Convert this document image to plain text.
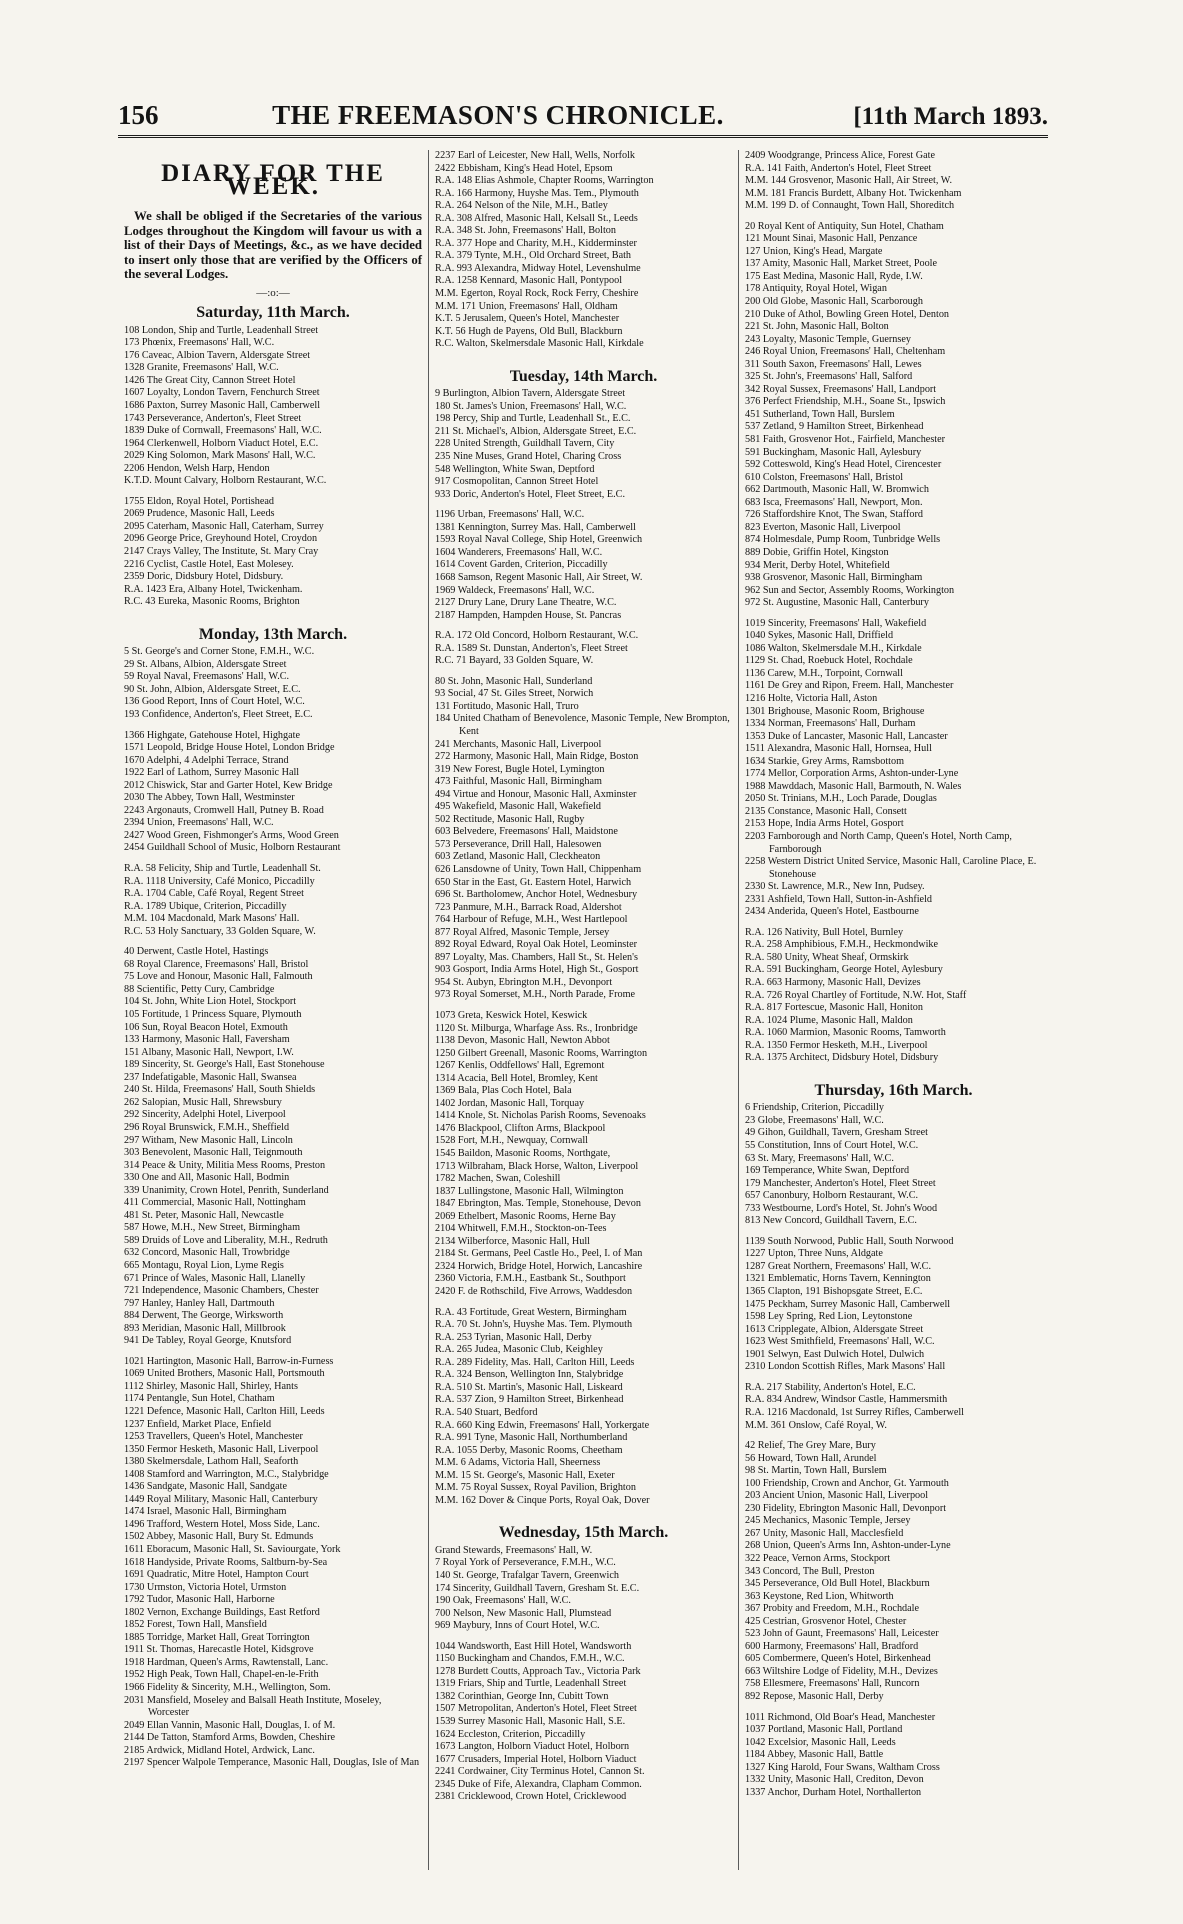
156	THE FREEMASON'S CHRONICLE.	[11th March 1893.
DIARY FOR THE WEEK.
We shall be obliged if the Secretaries of the various Lodges throughout the Kingdom will favour us with a list of their Days of Meetings, &c., as we have decided to insert only those that are verified by the Officers of the several Lodges.
—:o:—
Saturday, 11th March.
108 London, Ship and Turtle, Leadenhall Street
173 Phœnix, Freemasons' Hall, W.C.
176 Caveac, Albion Tavern, Aldersgate Street
1328 Granite, Freemasons' Hall, W.C.
1426 The Great City, Cannon Street Hotel
1607 Loyalty, London Tavern, Fenchurch Street
1686 Paxton, Surrey Masonic Hall, Camberwell
1743 Perseverance, Anderton's, Fleet Street
1839 Duke of Cornwall, Freemasons' Hall, W.C.
1964 Clerkenwell, Holborn Viaduct Hotel, E.C.
2029 King Solomon, Mark Masons' Hall, W.C.
2206 Hendon, Welsh Harp, Hendon
K.T.D. Mount Calvary, Holborn Restaurant, W.C.
1755 Eldon, Royal Hotel, Portishead
2069 Prudence, Masonic Hall, Leeds
2095 Caterham, Masonic Hall, Caterham, Surrey
2096 George Price, Greyhound Hotel, Croydon
2147 Crays Valley, The Institute, St. Mary Cray
2216 Cyclist, Castle Hotel, East Molesey.
2359 Doric, Didsbury Hotel, Didsbury.
R.A. 1423 Era, Albany Hotel, Twickenham.
R.C. 43 Eureka, Masonic Rooms, Brighton
Monday, 13th March.
5 St. George's and Corner Stone, F.M.H., W.C.
29 St. Albans, Albion, Aldersgate Street
59 Royal Naval, Freemasons' Hall, W.C.
90 St. John, Albion, Aldersgate Street, E.C.
136 Good Report, Inns of Court Hotel, W.C.
193 Confidence, Anderton's, Fleet Street, E.C.
1366 Highgate, Gatehouse Hotel, Highgate
1571 Leopold, Bridge House Hotel, London Bridge
1670 Adelphi, 4 Adelphi Terrace, Strand
1922 Earl of Lathom, Surrey Masonic Hall
2012 Chiswick, Star and Garter Hotel, Kew Bridge
2030 The Abbey, Town Hall, Westminster
2243 Argonauts, Cromwell Hall, Putney B. Road
2394 Union, Freemasons' Hall, W.C.
2427 Wood Green, Fishmonger's Arms, Wood Green
2454 Guildhall School of Music, Holborn Restaurant
R.A. 58 Felicity, Ship and Turtle, Leadenhall St.
R.A. 1118 University, Café Monico, Piccadilly
R.A. 1704 Cable, Café Royal, Regent Street
R.A. 1789 Ubique, Criterion, Piccadilly
M.M. 104 Macdonald, Mark Masons' Hall.
R.C. 53 Holy Sanctuary, 33 Golden Square, W.
40 Derwent, Castle Hotel, Hastings
68 Royal Clarence, Freemasons' Hall, Bristol
75 Love and Honour, Masonic Hall, Falmouth
88 Scientific, Petty Cury, Cambridge
104 St. John, White Lion Hotel, Stockport
105 Fortitude, 1 Princess Square, Plymouth
106 Sun, Royal Beacon Hotel, Exmouth
133 Harmony, Masonic Hall, Faversham
151 Albany, Masonic Hall, Newport, I.W.
189 Sincerity, St. George's Hall, East Stonehouse
237 Indefatigable, Masonic Hall, Swansea
240 St. Hilda, Freemasons' Hall, South Shields
262 Salopian, Music Hall, Shrewsbury
292 Sincerity, Adelphi Hotel, Liverpool
296 Royal Brunswick, F.M.H., Sheffield
297 Witham, New Masonic Hall, Lincoln
303 Benevolent, Masonic Hall, Teignmouth
314 Peace & Unity, Militia Mess Rooms, Preston
330 One and All, Masonic Hall, Bodmin
339 Unanimity, Crown Hotel, Penrith, Sunderland
411 Commercial, Masonic Hall, Nottingham
481 St. Peter, Masonic Hall, Newcastle
587 Howe, M.H., New Street, Birmingham
589 Druids of Love and Liberality, M.H., Redruth
632 Concord, Masonic Hall, Trowbridge
665 Montagu, Royal Lion, Lyme Regis
671 Prince of Wales, Masonic Hall, Llanelly
721 Independence, Masonic Chambers, Chester
797 Hanley, Hanley Hall, Dartmouth
884 Derwent, The George, Wirksworth
893 Meridian, Masonic Hall, Millbrook
941 De Tabley, Royal George, Knutsford
1021 Hartington, Masonic Hall, Barrow-in-Furness
1069 United Brothers, Masonic Hall, Portsmouth
1112 Shirley, Masonic Hall, Shirley, Hants
1174 Pentangle, Sun Hotel, Chatham
1221 Defence, Masonic Hall, Carlton Hill, Leeds
1237 Enfield, Market Place, Enfield
1253 Travellers, Queen's Hotel, Manchester
1350 Fermor Hesketh, Masonic Hall, Liverpool
1380 Skelmersdale, Lathom Hall, Seaforth
1408 Stamford and Warrington, M.C., Stalybridge
1436 Sandgate, Masonic Hall, Sandgate
1449 Royal Military, Masonic Hall, Canterbury
1474 Israel, Masonic Hall, Birmingham
1496 Trafford, Western Hotel, Moss Side, Lanc.
1502 Abbey, Masonic Hall, Bury St. Edmunds
1611 Eboracum, Masonic Hall, St. Saviourgate, York
1618 Handyside, Private Rooms, Saltburn-by-Sea
1691 Quadratic, Mitre Hotel, Hampton Court
1730 Urmston, Victoria Hotel, Urmston
1792 Tudor, Masonic Hall, Harborne
1802 Vernon, Exchange Buildings, East Retford
1852 Forest, Town Hall, Mansfield
1885 Torridge, Market Hall, Great Torrington
1911 St. Thomas, Harecastle Hotel, Kidsgrove
1918 Hardman, Queen's Arms, Rawtenstall, Lanc.
1952 High Peak, Town Hall, Chapel-en-le-Frith
1966 Fidelity & Sincerity, M.H., Wellington, Som.
2031 Mansfield, Moseley and Balsall Heath Institute, Moseley, Worcester
2049 Ellan Vannin, Masonic Hall, Douglas, I. of M.
2144 De Tatton, Stamford Arms, Bowden, Cheshire
2185 Ardwick, Midland Hotel, Ardwick, Lanc.
2197 Spencer Walpole Temperance, Masonic Hall, Douglas, Isle of Man
2237 Earl of Leicester, New Hall, Wells, Norfolk
2422 Ebbisham, King's Head Hotel, Epsom
R.A. 148 Elias Ashmole, Chapter Rooms, Warrington
R.A. 166 Harmony, Huyshe Mas. Tem., Plymouth
R.A. 264 Nelson of the Nile, M.H., Batley
R.A. 308 Alfred, Masonic Hall, Kelsall St., Leeds
R.A. 348 St. John, Freemasons' Hall, Bolton
R.A. 377 Hope and Charity, M.H., Kidderminster
R.A. 379 Tynte, M.H., Old Orchard Street, Bath
R.A. 993 Alexandra, Midway Hotel, Levenshulme
R.A. 1258 Kennard, Masonic Hall, Pontypool
M.M. Egerton, Royal Rock, Rock Ferry, Cheshire
M.M. 171 Union, Freemasons' Hall, Oldham
K.T. 5 Jerusalem, Queen's Hotel, Manchester
K.T. 56 Hugh de Payens, Old Bull, Blackburn
R.C. Walton, Skelmersdale Masonic Hall, Kirkdale
Tuesday, 14th March.
9 Burlington, Albion Tavern, Aldersgate Street
180 St. James's Union, Freemasons' Hall, W.C.
198 Percy, Ship and Turtle, Leadenhall St., E.C.
211 St. Michael's, Albion, Aldersgate Street, E.C.
228 United Strength, Guildhall Tavern, City
235 Nine Muses, Grand Hotel, Charing Cross
548 Wellington, White Swan, Deptford
917 Cosmopolitan, Cannon Street Hotel
933 Doric, Anderton's Hotel, Fleet Street, E.C.
1196 Urban, Freemasons' Hall, W.C.
1381 Kennington, Surrey Mas. Hall, Camberwell
1593 Royal Naval College, Ship Hotel, Greenwich
1604 Wanderers, Freemasons' Hall, W.C.
1614 Covent Garden, Criterion, Piccadilly
1668 Samson, Regent Masonic Hall, Air Street, W.
1969 Waldeck, Freemasons' Hall, W.C.
2127 Drury Lane, Drury Lane Theatre, W.C.
2187 Hampden, Hampden House, St. Pancras
R.A. 172 Old Concord, Holborn Restaurant, W.C.
R.A. 1589 St. Dunstan, Anderton's, Fleet Street
R.C. 71 Bayard, 33 Golden Square, W.
80 St. John, Masonic Hall, Sunderland
93 Social, 47 St. Giles Street, Norwich
131 Fortitudo, Masonic Hall, Truro
184 United Chatham of Benevolence, Masonic Temple, New Brompton, Kent
241 Merchants, Masonic Hall, Liverpool
272 Harmony, Masonic Hall, Main Ridge, Boston
319 New Forest, Bugle Hotel, Lymington
473 Faithful, Masonic Hall, Birmingham
494 Virtue and Honour, Masonic Hall, Axminster
495 Wakefield, Masonic Hall, Wakefield
502 Rectitude, Masonic Hall, Rugby
603 Belvedere, Freemasons' Hall, Maidstone
573 Perseverance, Drill Hall, Halesowen
603 Zetland, Masonic Hall, Cleckheaton
626 Lansdowne of Unity, Town Hall, Chippenham
650 Star in the East, Gt. Eastern Hotel, Harwich
696 St. Bartholomew, Anchor Hotel, Wednesbury
723 Panmure, M.H., Barrack Road, Aldershot
764 Harbour of Refuge, M.H., West Hartlepool
877 Royal Alfred, Masonic Temple, Jersey
892 Royal Edward, Royal Oak Hotel, Leominster
897 Loyalty, Mas. Chambers, Hall St., St. Helen's
903 Gosport, India Arms Hotel, High St., Gosport
954 St. Aubyn, Ebrington M.H., Devonport
973 Royal Somerset, M.H., North Parade, Frome
1073 Greta, Keswick Hotel, Keswick
1120 St. Milburga, Wharfage Ass. Rs., Ironbridge
1138 Devon, Masonic Hall, Newton Abbot
1250 Gilbert Greenall, Masonic Rooms, Warrington
1267 Kenlis, Oddfellows' Hall, Egremont
1314 Acacia, Bell Hotel, Bromley, Kent
1369 Bala, Plas Coch Hotel, Bala
1402 Jordan, Masonic Hall, Torquay
1414 Knole, St. Nicholas Parish Rooms, Sevenoaks
1476 Blackpool, Clifton Arms, Blackpool
1528 Fort, M.H., Newquay, Cornwall
1545 Baildon, Masonic Rooms, Northgate,
1713 Wilbraham, Black Horse, Walton, Liverpool
1782 Machen, Swan, Coleshill
1837 Lullingstone, Masonic Hall, Wilmington
1847 Ebrington, Mas. Temple, Stonehouse, Devon
2069 Ethelbert, Masonic Rooms, Herne Bay
2104 Whitwell, F.M.H., Stockton-on-Tees
2134 Wilberforce, Masonic Hall, Hull
2184 St. Germans, Peel Castle Ho., Peel, I. of Man
2324 Horwich, Bridge Hotel, Horwich, Lancashire
2360 Victoria, F.M.H., Eastbank St., Southport
2420 F. de Rothschild, Five Arrows, Waddesdon
R.A. 43 Fortitude, Great Western, Birmingham
R.A. 70 St. John's, Huyshe Mas. Tem. Plymouth
R.A. 253 Tyrian, Masonic Hall, Derby
R.A. 265 Judea, Masonic Club, Keighley
R.A. 289 Fidelity, Mas. Hall, Carlton Hill, Leeds
R.A. 324 Benson, Wellington Inn, Stalybridge
R.A. 510 St. Martin's, Masonic Hall, Liskeard
R.A. 537 Zion, 9 Hamilton Street, Birkenhead
R.A. 540 Stuart, Bedford
R.A. 660 King Edwin, Freemasons' Hall, Yorkergate
R.A. 991 Tyne, Masonic Hall, Northumberland
R.A. 1055 Derby, Masonic Rooms, Cheetham
M.M. 6 Adams, Victoria Hall, Sheerness
M.M. 15 St. George's, Masonic Hall, Exeter
M.M. 75 Royal Sussex, Royal Pavilion, Brighton
M.M. 162 Dover & Cinque Ports, Royal Oak, Dover
Wednesday, 15th March.
Grand Stewards, Freemasons' Hall, W.
7 Royal York of Perseverance, F.M.H., W.C.
140 St. George, Trafalgar Tavern, Greenwich
174 Sincerity, Guildhall Tavern, Gresham St. E.C.
190 Oak, Freemasons' Hall, W.C.
700 Nelson, New Masonic Hall, Plumstead
969 Maybury, Inns of Court Hotel, W.C.
1044 Wandsworth, East Hill Hotel, Wandsworth
1150 Buckingham and Chandos, F.M.H., W.C.
1278 Burdett Coutts, Approach Tav., Victoria Park
1319 Friars, Ship and Turtle, Leadenhall Street
1382 Corinthian, George Inn, Cubitt Town
1507 Metropolitan, Anderton's Hotel, Fleet Street
1539 Surrey Masonic Hall, Masonic Hall, S.E.
1624 Eccleston, Criterion, Piccadilly
1673 Langton, Holborn Viaduct Hotel, Holborn
1677 Crusaders, Imperial Hotel, Holborn Viaduct
2241 Cordwainer, City Terminus Hotel, Cannon St.
2345 Duke of Fife, Alexandra, Clapham Common.
2381 Cricklewood, Crown Hotel, Cricklewood
2409 Woodgrange, Princess Alice, Forest Gate
R.A. 141 Faith, Anderton's Hotel, Fleet Street
M.M. 144 Grosvenor, Masonic Hall, Air Street, W.
M.M. 181 Francis Burdett, Albany Hot. Twickenham
M.M. 199 D. of Connaught, Town Hall, Shoreditch
20 Royal Kent of Antiquity, Sun Hotel, Chatham
121 Mount Sinai, Masonic Hall, Penzance
127 Union, King's Head, Margate
137 Amity, Masonic Hall, Market Street, Poole
175 East Medina, Masonic Hall, Ryde, I.W.
178 Antiquity, Royal Hotel, Wigan
200 Old Globe, Masonic Hall, Scarborough
210 Duke of Athol, Bowling Green Hotel, Denton
221 St. John, Masonic Hall, Bolton
243 Loyalty, Masonic Temple, Guernsey
246 Royal Union, Freemasons' Hall, Cheltenham
311 South Saxon, Freemasons' Hall, Lewes
325 St. John's, Freemasons' Hall, Salford
342 Royal Sussex, Freemasons' Hall, Landport
376 Perfect Friendship, M.H., Soane St., Ipswich
451 Sutherland, Town Hall, Burslem
537 Zetland, 9 Hamilton Street, Birkenhead
581 Faith, Grosvenor Hot., Fairfield, Manchester
591 Buckingham, Masonic Hall, Aylesbury
592 Cotteswold, King's Head Hotel, Cirencester
610 Colston, Freemasons' Hall, Bristol
662 Dartmouth, Masonic Hall, W. Bromwich
683 Isca, Freemasons' Hall, Newport, Mon.
726 Staffordshire Knot, The Swan, Stafford
823 Everton, Masonic Hall, Liverpool
874 Holmesdale, Pump Room, Tunbridge Wells
889 Dobie, Griffin Hotel, Kingston
934 Merit, Derby Hotel, Whitefield
938 Grosvenor, Masonic Hall, Birmingham
962 Sun and Sector, Assembly Rooms, Workington
972 St. Augustine, Masonic Hall, Canterbury
1019 Sincerity, Freemasons' Hall, Wakefield
1040 Sykes, Masonic Hall, Driffield
1086 Walton, Skelmersdale M.H., Kirkdale
1129 St. Chad, Roebuck Hotel, Rochdale
1136 Carew, M.H., Torpoint, Cornwall
1161 De Grey and Ripon, Freem. Hall, Manchester
1216 Holte, Victoria Hall, Aston
1301 Brighouse, Masonic Room, Brighouse
1334 Norman, Freemasons' Hall, Durham
1353 Duke of Lancaster, Masonic Hall, Lancaster
1511 Alexandra, Masonic Hall, Hornsea, Hull
1634 Starkie, Grey Arms, Ramsbottom
1774 Mellor, Corporation Arms, Ashton-under-Lyne
1988 Mawddach, Masonic Hall, Barmouth, N. Wales
2050 St. Trinians, M.H., Loch Parade, Douglas
2135 Constance, Masonic Hall, Consett
2153 Hope, India Arms Hotel, Gosport
2203 Farnborough and North Camp, Queen's Hotel, North Camp, Farnborough
2258 Western District United Service, Masonic Hall, Caroline Place, E. Stonehouse
2330 St. Lawrence, M.R., New Inn, Pudsey.
2331 Ashfield, Town Hall, Sutton-in-Ashfield
2434 Anderida, Queen's Hotel, Eastbourne
R.A. 126 Nativity, Bull Hotel, Burnley
R.A. 258 Amphibious, F.M.H., Heckmondwike
R.A. 580 Unity, Wheat Sheaf, Ormskirk
R.A. 591 Buckingham, George Hotel, Aylesbury
R.A. 663 Harmony, Masonic Hall, Devizes
R.A. 726 Royal Chartley of Fortitude, N.W. Hot, Staff
R.A. 817 Fortescue, Masonic Hall, Honiton
R.A. 1024 Plume, Masonic Hall, Maldon
R.A. 1060 Marmion, Masonic Rooms, Tamworth
R.A. 1350 Fermor Hesketh, M.H., Liverpool
R.A. 1375 Architect, Didsbury Hotel, Didsbury
Thursday, 16th March.
6 Friendship, Criterion, Piccadilly
23 Globe, Freemasons' Hall, W.C.
49 Gihon, Guildhall, Tavern, Gresham Street
55 Constitution, Inns of Court Hotel, W.C.
63 St. Mary, Freemasons' Hall, W.C.
169 Temperance, White Swan, Deptford
179 Manchester, Anderton's Hotel, Fleet Street
657 Canonbury, Holborn Restaurant, W.C.
733 Westbourne, Lord's Hotel, St. John's Wood
813 New Concord, Guildhall Tavern, E.C.
1139 South Norwood, Public Hall, South Norwood
1227 Upton, Three Nuns, Aldgate
1287 Great Northern, Freemasons' Hall, W.C.
1321 Emblematic, Horns Tavern, Kennington
1365 Clapton, 191 Bishopsgate Street, E.C.
1475 Peckham, Surrey Masonic Hall, Camberwell
1598 Ley Spring, Red Lion, Leytonstone
1613 Cripplegate, Albion, Aldersgate Street
1623 West Smithfield, Freemasons' Hall, W.C.
1901 Selwyn, East Dulwich Hotel, Dulwich
2310 London Scottish Rifles, Mark Masons' Hall
R.A. 217 Stability, Anderton's Hotel, E.C.
R.A. 834 Andrew, Windsor Castle, Hammersmith
R.A. 1216 Macdonald, 1st Surrey Rifles, Camberwell
M.M. 361 Onslow, Café Royal, W.
42 Relief, The Grey Mare, Bury
56 Howard, Town Hall, Arundel
98 St. Martin, Town Hall, Burslem
100 Friendship, Crown and Anchor, Gt. Yarmouth
203 Ancient Union, Masonic Hall, Liverpool
230 Fidelity, Ebrington Masonic Hall, Devonport
245 Mechanics, Masonic Temple, Jersey
267 Unity, Masonic Hall, Macclesfield
268 Union, Queen's Arms Inn, Ashton-under-Lyne
322 Peace, Vernon Arms, Stockport
343 Concord, The Bull, Preston
345 Perseverance, Old Bull Hotel, Blackburn
363 Keystone, Red Lion, Whitworth
367 Probity and Freedom, M.H., Rochdale
425 Cestrian, Grosvenor Hotel, Chester
523 John of Gaunt, Freemasons' Hall, Leicester
600 Harmony, Freemasons' Hall, Bradford
605 Combermere, Queen's Hotel, Birkenhead
663 Wiltshire Lodge of Fidelity, M.H., Devizes
758 Ellesmere, Freemasons' Hall, Runcorn
892 Repose, Masonic Hall, Derby
1011 Richmond, Old Boar's Head, Manchester
1037 Portland, Masonic Hall, Portland
1042 Excelsior, Masonic Hall, Leeds
1184 Abbey, Masonic Hall, Battle
1327 King Harold, Four Swans, Waltham Cross
1332 Unity, Masonic Hall, Crediton, Devon
1337 Anchor, Durham Hotel, Northallerton
